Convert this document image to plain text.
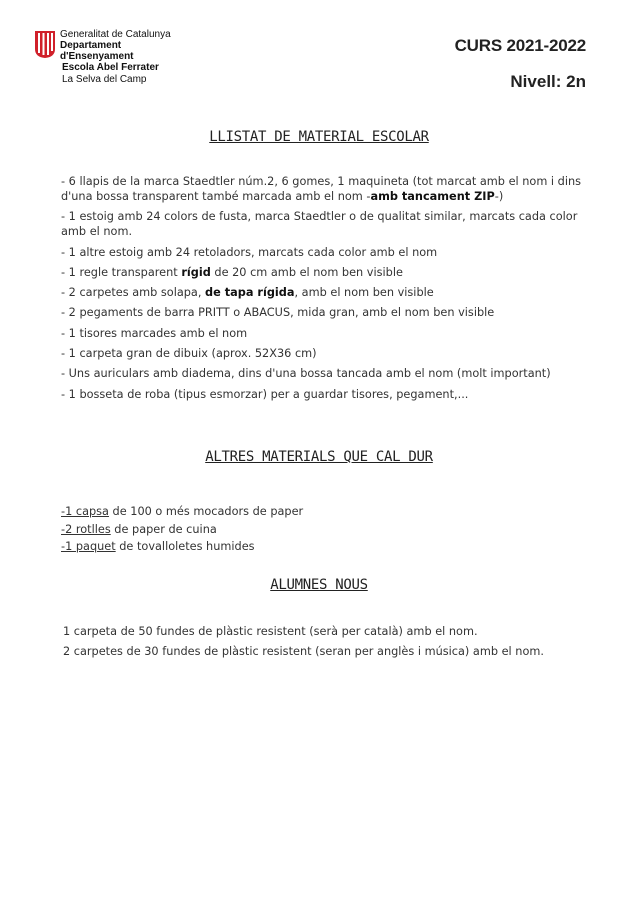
Generalitat de Catalunya
Departament
d'Ensenyament
Escola Abel Ferrater
La Selva del Camp
CURS 2021-2022
Nivell: 2n
LLISTAT DE MATERIAL ESCOLAR
- 6 llapis de la marca Staedtler núm.2, 6 gomes, 1 maquineta (tot marcat amb el nom i dins d'una bossa transparent també marcada amb el nom -amb tancament ZIP-)
- 1 estoig amb 24 colors de fusta, marca Staedtler o de qualitat similar, marcats cada color amb el nom.
- 1 altre estoig amb 24 retoladors, marcats cada color amb el nom
- 1 regle transparent rígid de 20 cm amb el nom ben visible
- 2 carpetes amb solapa, de tapa rígida, amb el nom ben visible
- 2 pegaments de barra PRITT o ABACUS, mida gran, amb el nom ben visible
- 1 tisores marcades amb el nom
- 1 carpeta gran de dibuix (aprox. 52X36 cm)
- Uns auriculars amb diadema, dins d'una bossa tancada amb el nom (molt important)
- 1 bosseta de roba (tipus esmorzar) per a guardar tisores, pegament,...
ALTRES MATERIALS QUE CAL DUR
-1 capsa de 100 o més mocadors de paper
-2 rotlles de paper de cuina
-1 paquet de tovalloletes humides
ALUMNES NOUS
1 carpeta de 50 fundes de plàstic resistent (serà per català) amb el nom.
2 carpetes de 30 fundes de plàstic resistent (seran per anglès i música) amb el nom.
